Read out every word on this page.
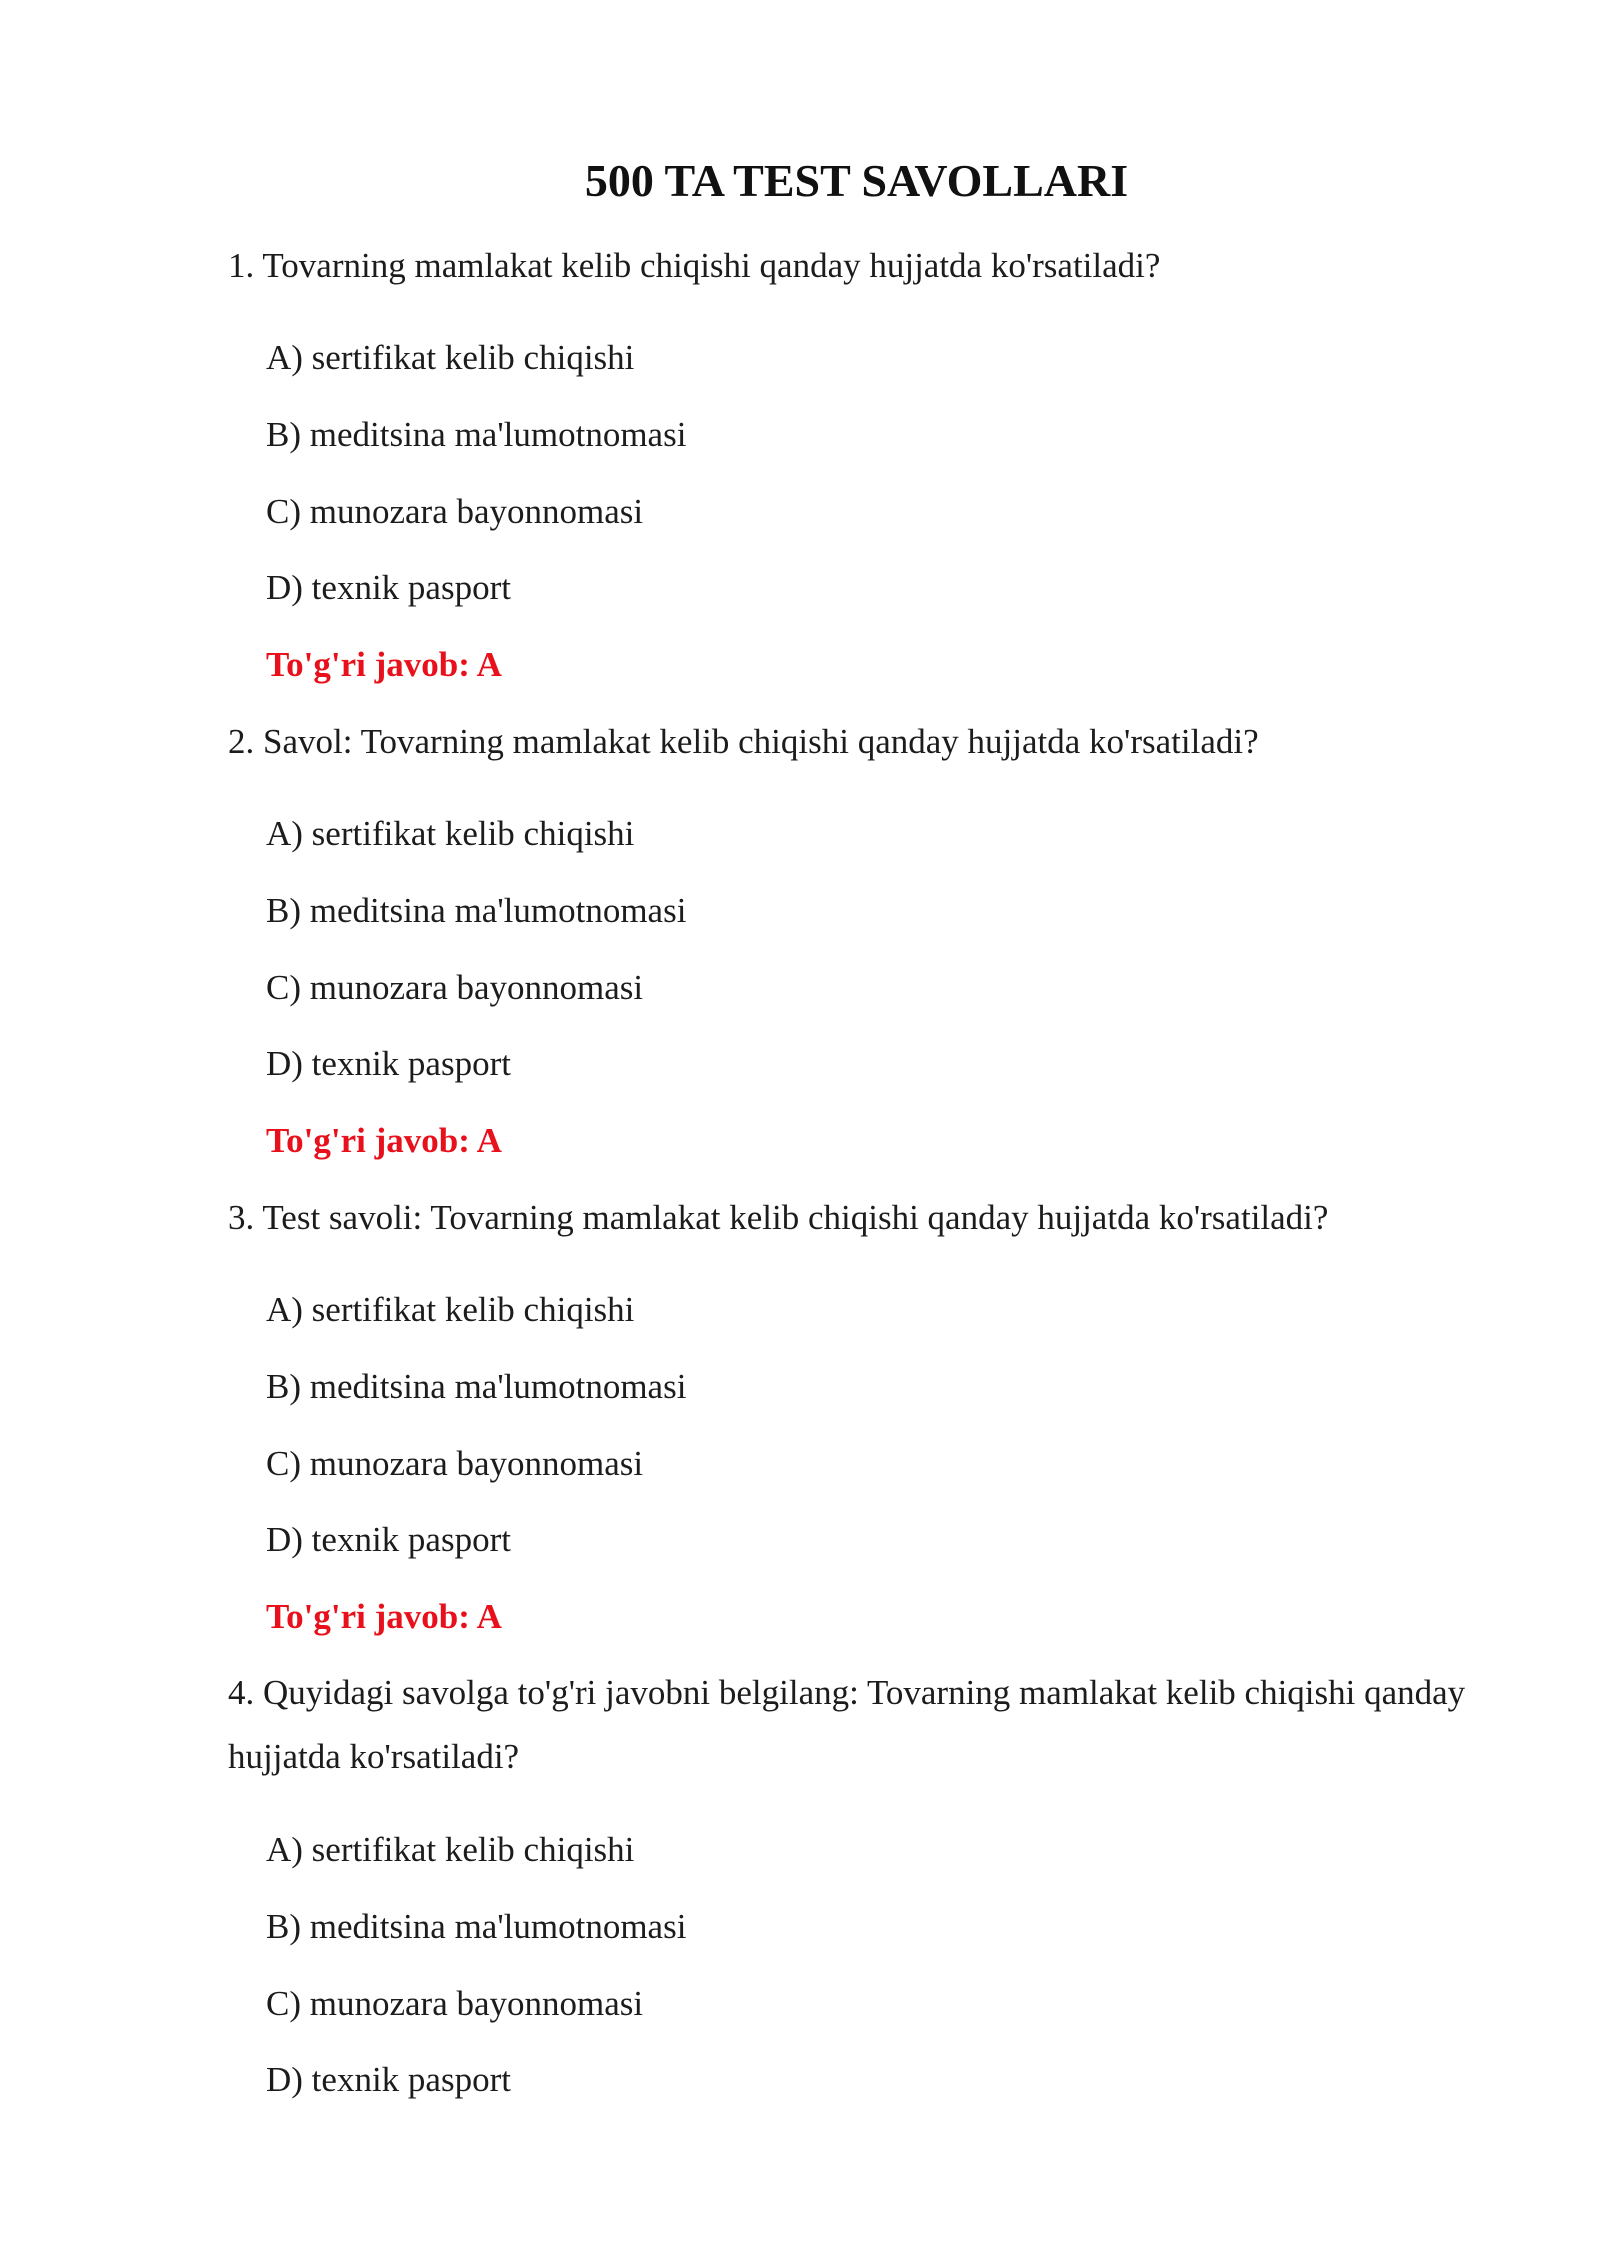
500 TA TEST SAVOLLARI
1. Tovarning mamlakat kelib chiqishi qanday hujjatda ko'rsatiladi?
A) sertifikat kelib chiqishi
B) meditsina ma'lumotnomasi
C) munozara bayonnomasi
D) texnik pasport
To'g'ri javob: A
2. Savol: Tovarning mamlakat kelib chiqishi qanday hujjatda ko'rsatiladi?
A) sertifikat kelib chiqishi
B) meditsina ma'lumotnomasi
C) munozara bayonnomasi
D) texnik pasport
To'g'ri javob: A
3. Test savoli: Tovarning mamlakat kelib chiqishi qanday hujjatda ko'rsatiladi?
A) sertifikat kelib chiqishi
B) meditsina ma'lumotnomasi
C) munozara bayonnomasi
D) texnik pasport
To'g'ri javob: A
4. Quyidagi savolga to'g'ri javobni belgilang: Tovarning mamlakat kelib chiqishi qanday hujjatda ko'rsatiladi?
A) sertifikat kelib chiqishi
B) meditsina ma'lumotnomasi
C) munozara bayonnomasi
D) texnik pasport
